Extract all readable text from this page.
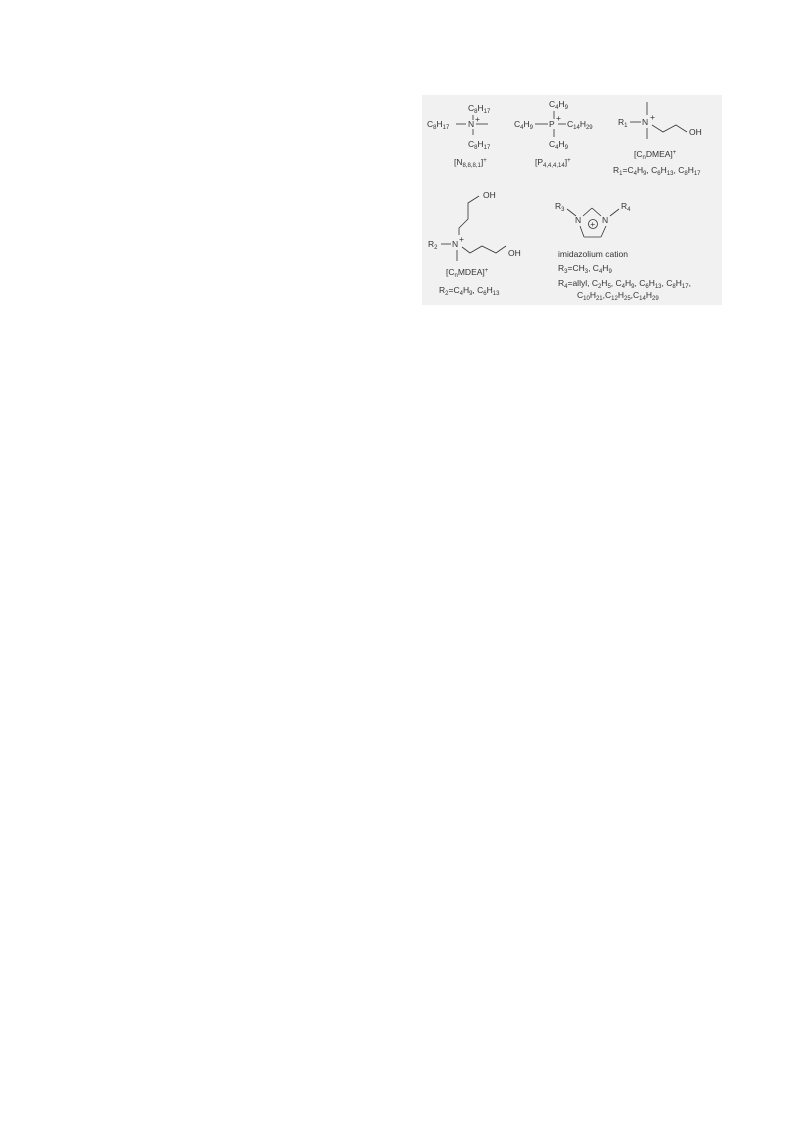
$C_8H_{17}$
$C_8H_{17}$ N +
$C_8H_{17}$
$[N_{8,8,8,1}]^+$
$C_4H_9$
$C_4H_9$ P
+
$C_{14}H_{29}$
$C_4H_9$
$[P_{4,4,4,14}]^+$
$R_1$ N +
OH
$[C_nDMEA]^+$
$R_1=C_4H_9$, $C_6H_{13}$, $C_8H_{17}$
OH
$R_2$ N +
OH
$[C_nMDEA]^+$
$R_2=C_4H_9$, $C_6H_{13}$
$R_3$
N N
$R_4$
+
imidazolium cation
$R_3=CH_3$, $C_4H_9$
$R_4=allyl$, $C_2H_5$, $C_4H_9$, $C_6H_{13}$, $C_8H_{17}$,
$C_{10}H_{21},C_{12}H_{25},C_{14}H_{29}$
